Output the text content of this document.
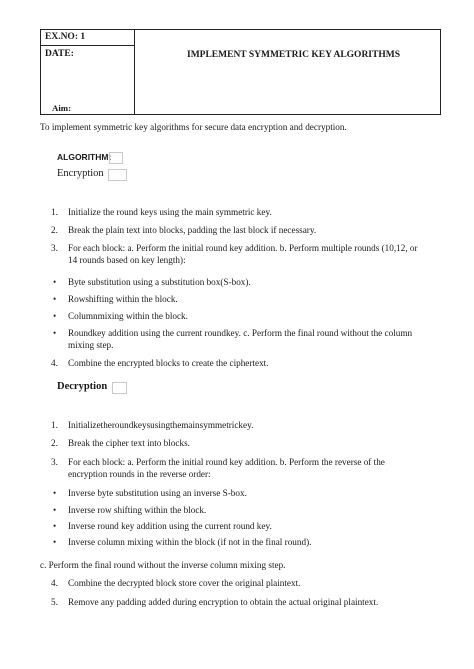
EX.NO: 1
DATE:	IMPLEMENT SYMMETRIC KEY ALGORITHMS
Aim:
To implement symmetric key algorithms for secure data encryption and decryption.
ALGORITHM:
Encryption
1. Initialize the round keys using the main symmetric key.
2. Break the plain text into blocks, padding the last block if necessary.
3. For each block: a. Perform the initial round key addition. b. Perform multiple rounds (10,12, or
14 rounds based on key length):
• Byte substitution using a substitution box(S-box).
• Rowshifting within the block.
• Columnmixing within the block.
• Roundkey addition using the current roundkey. c. Perform the final round without the column
mixing step.
4. Combine the encrypted blocks to create the ciphertext.
Decryption
1. Initializetheroundkeysusingthemainsymmetrickey.
2. Break the cipher text into blocks.
3. For each block: a. Perform the initial round key addition. b. Perform the reverse of the
encryption rounds in the reverse order:
• Inverse byte substitution using an inverse S-box.
• Inverse row shifting within the block.
• Inverse round key addition using the current round key.
• Inverse column mixing within the block (if not in the final round).
c. Perform the final round without the inverse column mixing step.
4. Combine the decrypted block store cover the original plaintext.
5. Remove any padding added during encryption to obtain the actual original plaintext.
